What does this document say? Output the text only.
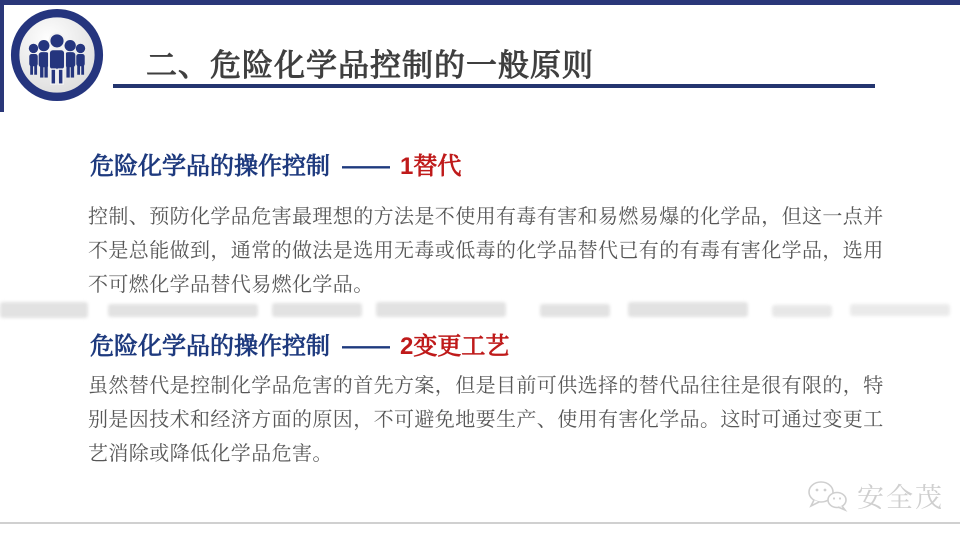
二、危险化学品控制的一般原则
危险化学品的操作控制 —— 1替代
控制、预防化学品危害最理想的方法是不使用有毒有害和易燃易爆的化学品，但这一点并
不是总能做到，通常的做法是选用无毒或低毒的化学品替代已有的有毒有害化学品，选用
不可燃化学品替代易燃化学品。
危险化学品的操作控制 —— 2变更工艺
虽然替代是控制化学品危害的首先方案，但是目前可供选择的替代品往往是很有限的，特
别是因技术和经济方面的原因，不可避免地要生产、使用有害化学品。这时可通过变更工
艺消除或降低化学品危害。
安全茂
